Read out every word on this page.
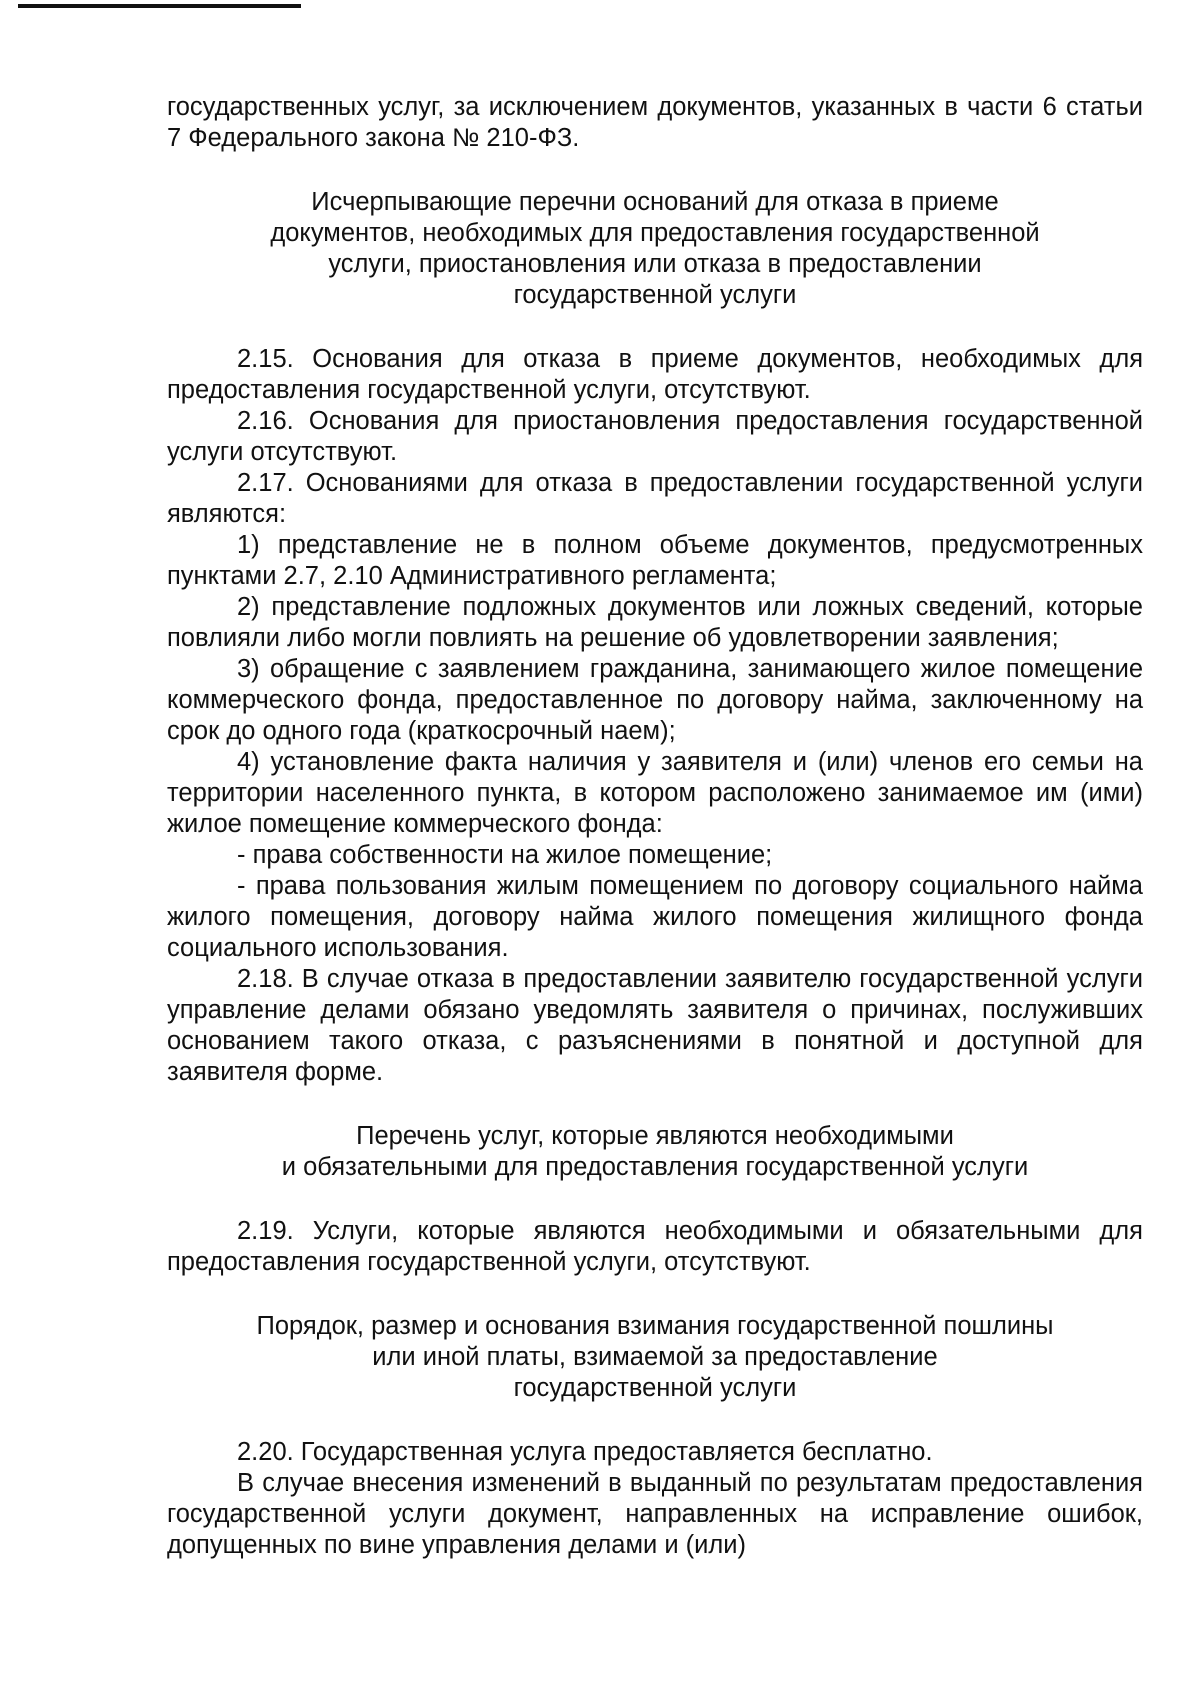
государственных услуг, за исключением документов, указанных в части 6 статьи 7 Федерального закона № 210-ФЗ.

Исчерпывающие перечни оснований для отказа в приеме
документов, необходимых для предоставления государственной
услуги, приостановления или отказа в предоставлении
государственной услуги

2.15. Основания для отказа в приеме документов, необходимых для предоставления государственной услуги, отсутствуют.

2.16. Основания для приостановления предоставления государственной услуги отсутствуют.

2.17. Основаниями для отказа в предоставлении государственной услуги являются:

1) представление не в полном объеме документов, предусмотренных пунктами 2.7, 2.10 Административного регламента;

2) представление подложных документов или ложных сведений, которые повлияли либо могли повлиять на решение об удовлетворении заявления;

3) обращение с заявлением гражданина, занимающего жилое помещение коммерческого фонда, предоставленное по договору найма, заключенному на срок до одного года (краткосрочный наем);

4) установление факта наличия у заявителя и (или) членов его семьи на территории населенного пункта, в котором расположено занимаемое им (ими) жилое помещение коммерческого фонда:

- права собственности на жилое помещение;

- права пользования жилым помещением по договору социального найма жилого помещения, договору найма жилого помещения жилищного фонда социального использования.

2.18. В случае отказа в предоставлении заявителю государственной услуги управление делами обязано уведомлять заявителя о причинах, послуживших основанием такого отказа, с разъяснениями в понятной и доступной для заявителя форме.

Перечень услуг, которые являются необходимыми
и обязательными для предоставления государственной услуги

2.19. Услуги, которые являются необходимыми и обязательными для предоставления государственной услуги, отсутствуют.

Порядок, размер и основания взимания государственной пошлины
или иной платы, взимаемой за предоставление
государственной услуги

2.20. Государственная услуга предоставляется бесплатно.

В случае внесения изменений в выданный по результатам предоставления государственной услуги документ, направленных на исправление ошибок, допущенных по вине управления делами и (или)
